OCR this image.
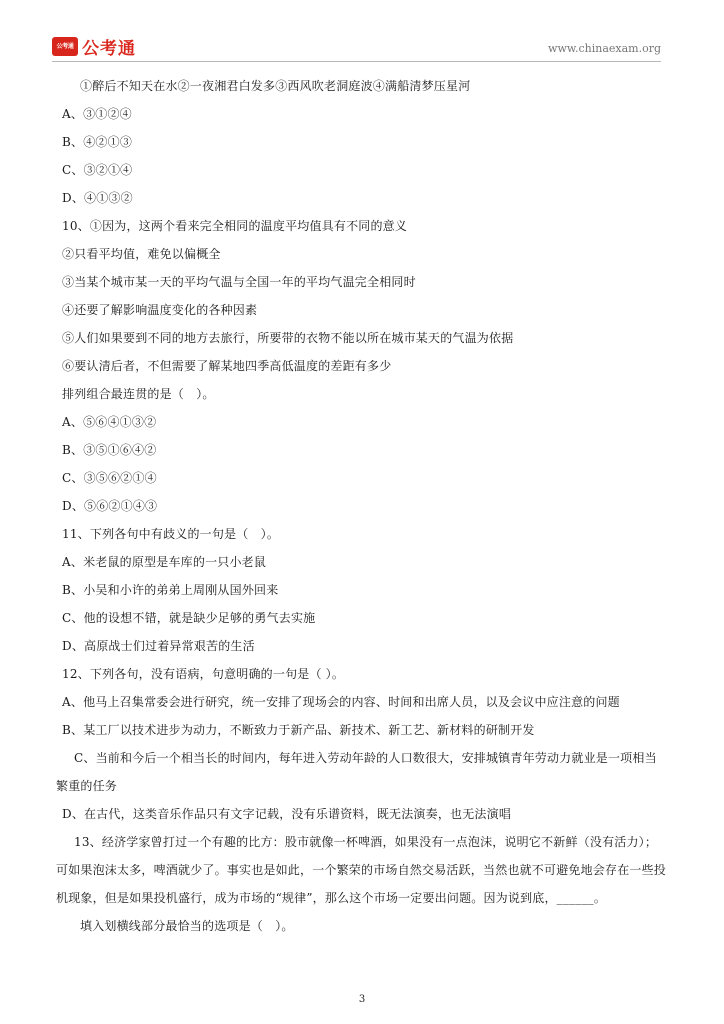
公考通 公考通	www.chinaexam.org
①醉后不知天在水②一夜湘君白发多③西风吹老洞庭波④满船清梦压星河
A、③①②④
B、④②①③
C、③②①④
D、④①③②
10、①因为，这两个看来完全相同的温度平均值具有不同的意义
②只看平均值，难免以偏概全
③当某个城市某一天的平均气温与全国一年的平均气温完全相同时
④还要了解影响温度变化的各种因素
⑤人们如果要到不同的地方去旅行，所要带的衣物不能以所在城市某天的气温为依据
⑥要认清后者，不但需要了解某地四季高低温度的差距有多少
排列组合最连贯的是（　）。
A、⑤⑥④①③②
B、③⑤①⑥④②
C、③⑤⑥②①④
D、⑤⑥②①④③
11、下列各句中有歧义的一句是（　）。
A、米老鼠的原型是车库的一只小老鼠
B、小吴和小许的弟弟上周刚从国外回来
C、他的设想不错，就是缺少足够的勇气去实施
D、高原战士们过着异常艰苦的生活
12、下列各句，没有语病，句意明确的一句是（ ）。
A、他马上召集常委会进行研究，统一安排了现场会的内容、时间和出席人员，以及会议中应注意的问题
B、某工厂以技术进步为动力，不断致力于新产品、新技术、新工艺、新材料的研制开发
C、当前和今后一个相当长的时间内，每年进入劳动年龄的人口数很大，安排城镇青年劳动力就业是一项相当繁重的任务
D、在古代，这类音乐作品只有文字记载，没有乐谱资料，既无法演奏，也无法演唱
13、经济学家曾打过一个有趣的比方：股市就像一杯啤酒，如果没有一点泡沫，说明它不新鲜（没有活力）；可如果泡沫太多，啤酒就少了。事实也是如此，一个繁荣的市场自然交易活跃，当然也就不可避免地会存在一些投机现象，但是如果投机盛行，成为市场的“规律”，那么这个市场一定要出问题。因为说到底，______。
填入划横线部分最恰当的选项是（　）。
3
